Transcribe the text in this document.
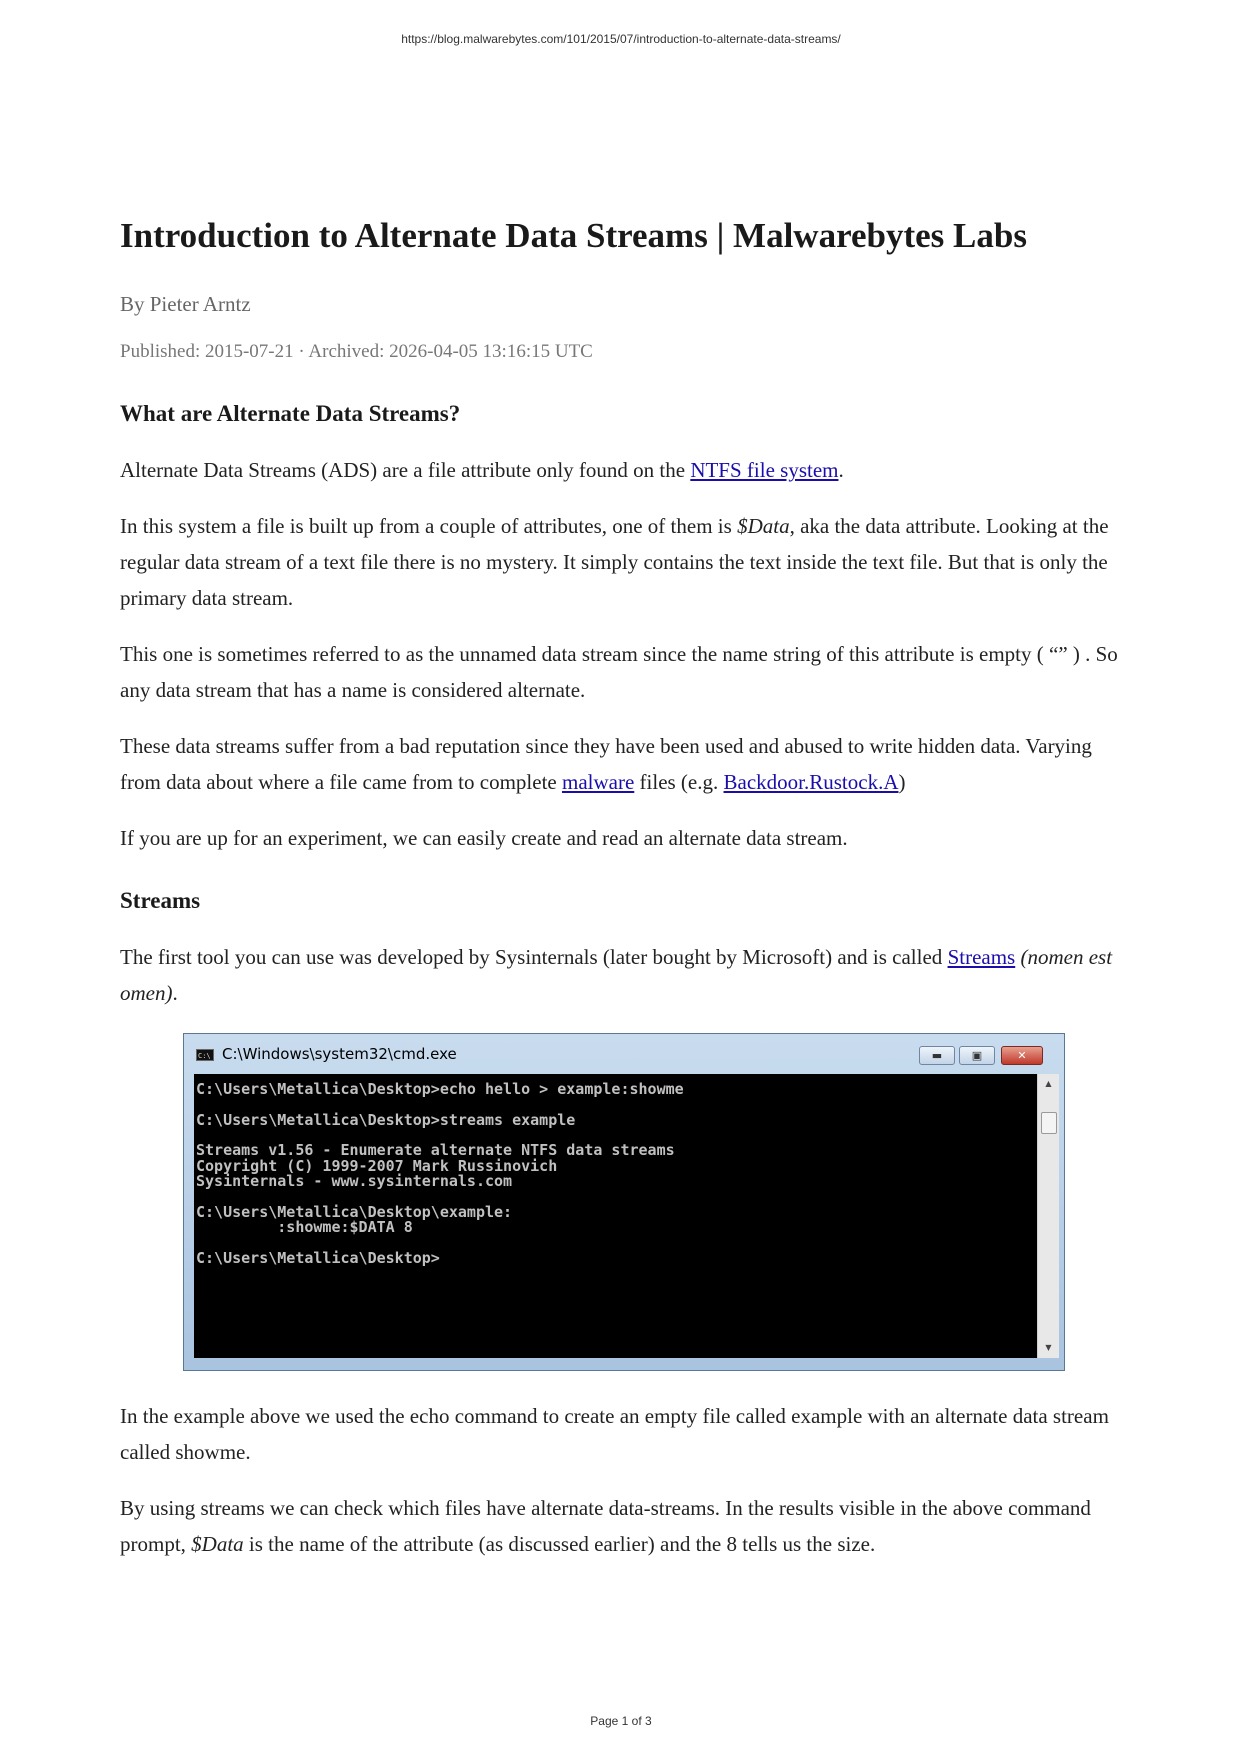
https://blog.malwarebytes.com/101/2015/07/introduction-to-alternate-data-streams/
Introduction to Alternate Data Streams | Malwarebytes Labs
By Pieter Arntz
Published: 2015-07-21 · Archived: 2026-04-05 13:16:15 UTC
What are Alternate Data Streams?

Alternate Data Streams (ADS) are a file attribute only found on the NTFS file system.

In this system a file is built up from a couple of attributes, one of them is $Data, aka the data attribute. Looking at the regular data stream of a text file there is no mystery. It simply contains the text inside the text file. But that is only the primary data stream.

This one is sometimes referred to as the unnamed data stream since the name string of this attribute is empty ( “” ) . So any data stream that has a name is considered alternate.

These data streams suffer from a bad reputation since they have been used and abused to write hidden data. Varying from data about where a file came from to complete malware files (e.g. Backdoor.Rustock.A)

If you are up for an experiment, we can easily create and read an alternate data stream.

Streams

The first tool you can use was developed by Sysinternals (later bought by Microsoft) and is called Streams (nomen est omen).

C:\ C:\Windows\system32\cmd.exe	▬	▣	✕
C:\Users\Metallica\Desktop>echo hello > example:showme
C:\Users\Metallica\Desktop>streams example
Streams v1.56 - Enumerate alternate NTFS data streams
Copyright (C) 1999-2007 Mark Russinovich
Sysinternals - www.sysinternals.com
C:\Users\Metallica\Desktop\example:
:showme:$DATA 8
C:\Users\Metallica\Desktop>
▲
▼

In the example above we used the echo command to create an empty file called example with an alternate data stream called showme.

By using streams we can check which files have alternate data-streams. In the results visible in the above command prompt, $Data is the name of the attribute (as discussed earlier) and the 8 tells us the size.

Page 1 of 3
